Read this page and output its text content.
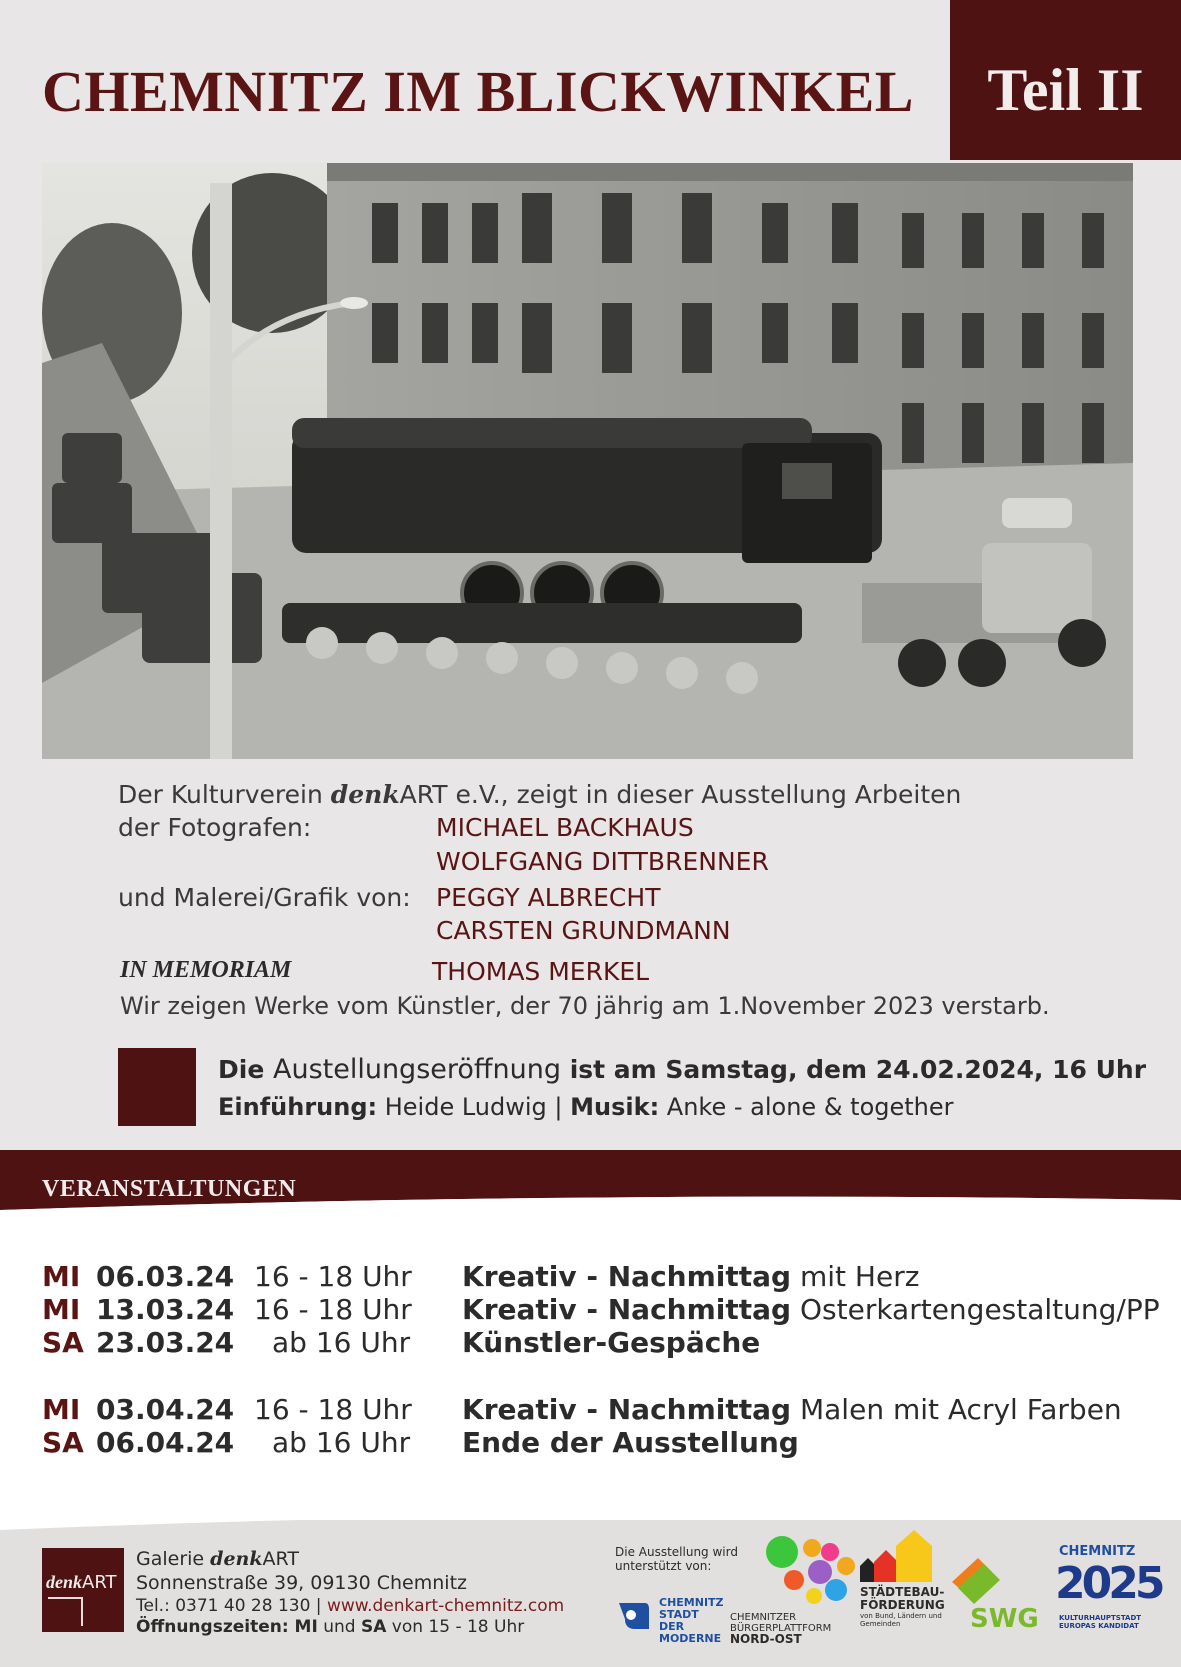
CHEMNITZ IM BLICKWINKEL	Teil II
Der Kulturverein denkART e.V., zeigt in dieser Ausstellung Arbeiten
der Fotografen:	MICHAEL BACKHAUS
WOLFGANG DITTBRENNER
und Malerei/Grafik von: PEGGY ALBRECHT
CARSTEN GRUNDMANN
IN MEMORIAM	THOMAS MERKEL
Wir zeigen Werke vom Künstler, der 70 jährig am 1.November 2023 verstarb.
Die Austellungseröffnung ist am Samstag, dem 24.02.2024, 16 Uhr
Einführung: Heide Ludwig | Musik: Anke - alone & together
VERANSTALTUNGEN
MI 06.03.24 16 - 18 Uhr Kreativ - Nachmittag mit Herz
MI 13.03.24 16 - 18 Uhr Kreativ - Nachmittag Osterkartengestaltung/PP
SA 23.03.24 ab 16 Uhr Künstler-Gespäche
MI 03.04.24 16 - 18 Uhr Kreativ - Nachmittag Malen mit Acryl Farben
SA 06.04.24 ab 16 Uhr Ende der Ausstellung
denkART
Galerie denkART
Sonnenstraße 39, 09130 Chemnitz
Tel.: 0371 40 28 130 | www.denkart-chemnitz.com
Öffnungszeiten: MI und SA von 15 - 18 Uhr
Die Ausstellung wird
unterstützt von:
CHEMNITZ
STADT DER
MODERNE
CHEMNITZER
BÜRGERPLATTFORM
NORD-OST
STÄDTEBAU-
FÖRDERUNG
von Bund, Ländern und
Gemeinden	SWG
CHEMNITZ
2025
KULTURHAUPTSTADT
EUROPAS KANDIDAT
